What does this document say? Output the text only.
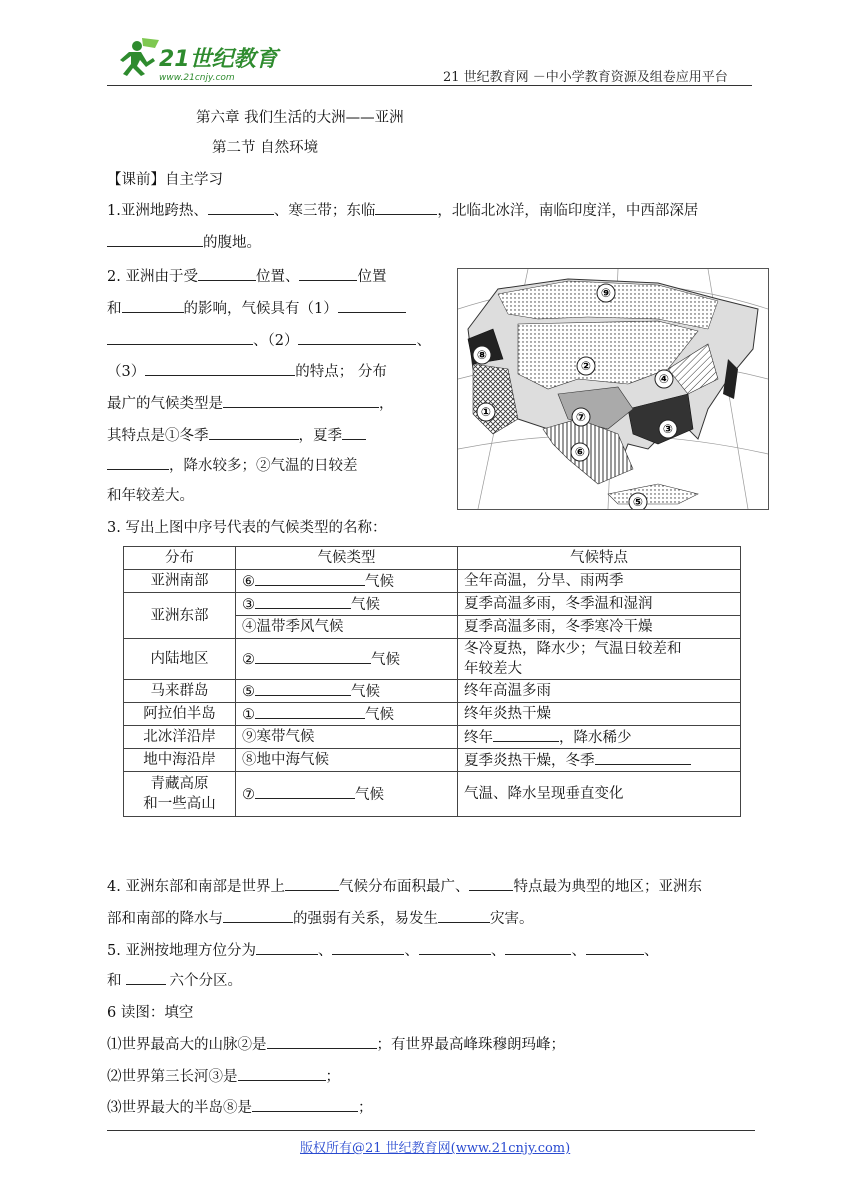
21世纪教育
www.21cnjy.com	21 世纪教育网 －中小学教育资源及组卷应用平台
第六章 我们生活的大洲——亚洲
第二节 自然环境
【课前】自主学习
1.亚洲地跨热、	、寒三带；东临	，北临北冰洋，南临印度洋，中西部深居
的腹地。
2. 亚洲由于受	位置、	位置
和	的影响，气候具有（1）
、（2）	、
（3）	的特点； 分布
最广的气候类型是	，
其特点是①冬季	，夏季
，降水较多；②气温的日较差
和年较差大。
⑨
⑧
②
④
①	⑦
③
⑥
⑤
3. 写出上图中序号代表的气候类型的名称：
分布	气候类型	气候特点
亚洲南部	⑥ 气候	全年高温，分旱、雨两季
亚洲东部	③ 气候	夏季高温多雨，冬季温和湿润
	④温带季风气候	夏季高温多雨，冬季寒冷干燥
内陆地区	② 气候	冬冷夏热，降水少；气温日较差和
年较差大

马来群岛	⑤ 气候	终年高温多雨
阿拉伯半岛	① 气候	终年炎热干燥
北冰洋沿岸	⑨寒带气候	终年 ，降水稀少
地中海沿岸	⑧地中海气候	夏季炎热干燥，冬季

青藏高原
和一些高山	⑦ 气候	气温、降水呈现垂直变化
4. 亚洲东部和南部是世界上	气候分布面积最广、	特点最为典型的地区；亚洲东
部和南部的降水与	的强弱有关系，易发生	灾害。
5. 亚洲按地理方位分为	、	、	、	、	、
和	六个分区。
6 读图：填空
⑴世界最高大的山脉②是	；有世界最高峰珠穆朗玛峰；
⑵世界第三长河③是	；
⑶世界最大的半岛⑧是	；
版权所有@21 世纪教育网(www.21cnjy.com)
